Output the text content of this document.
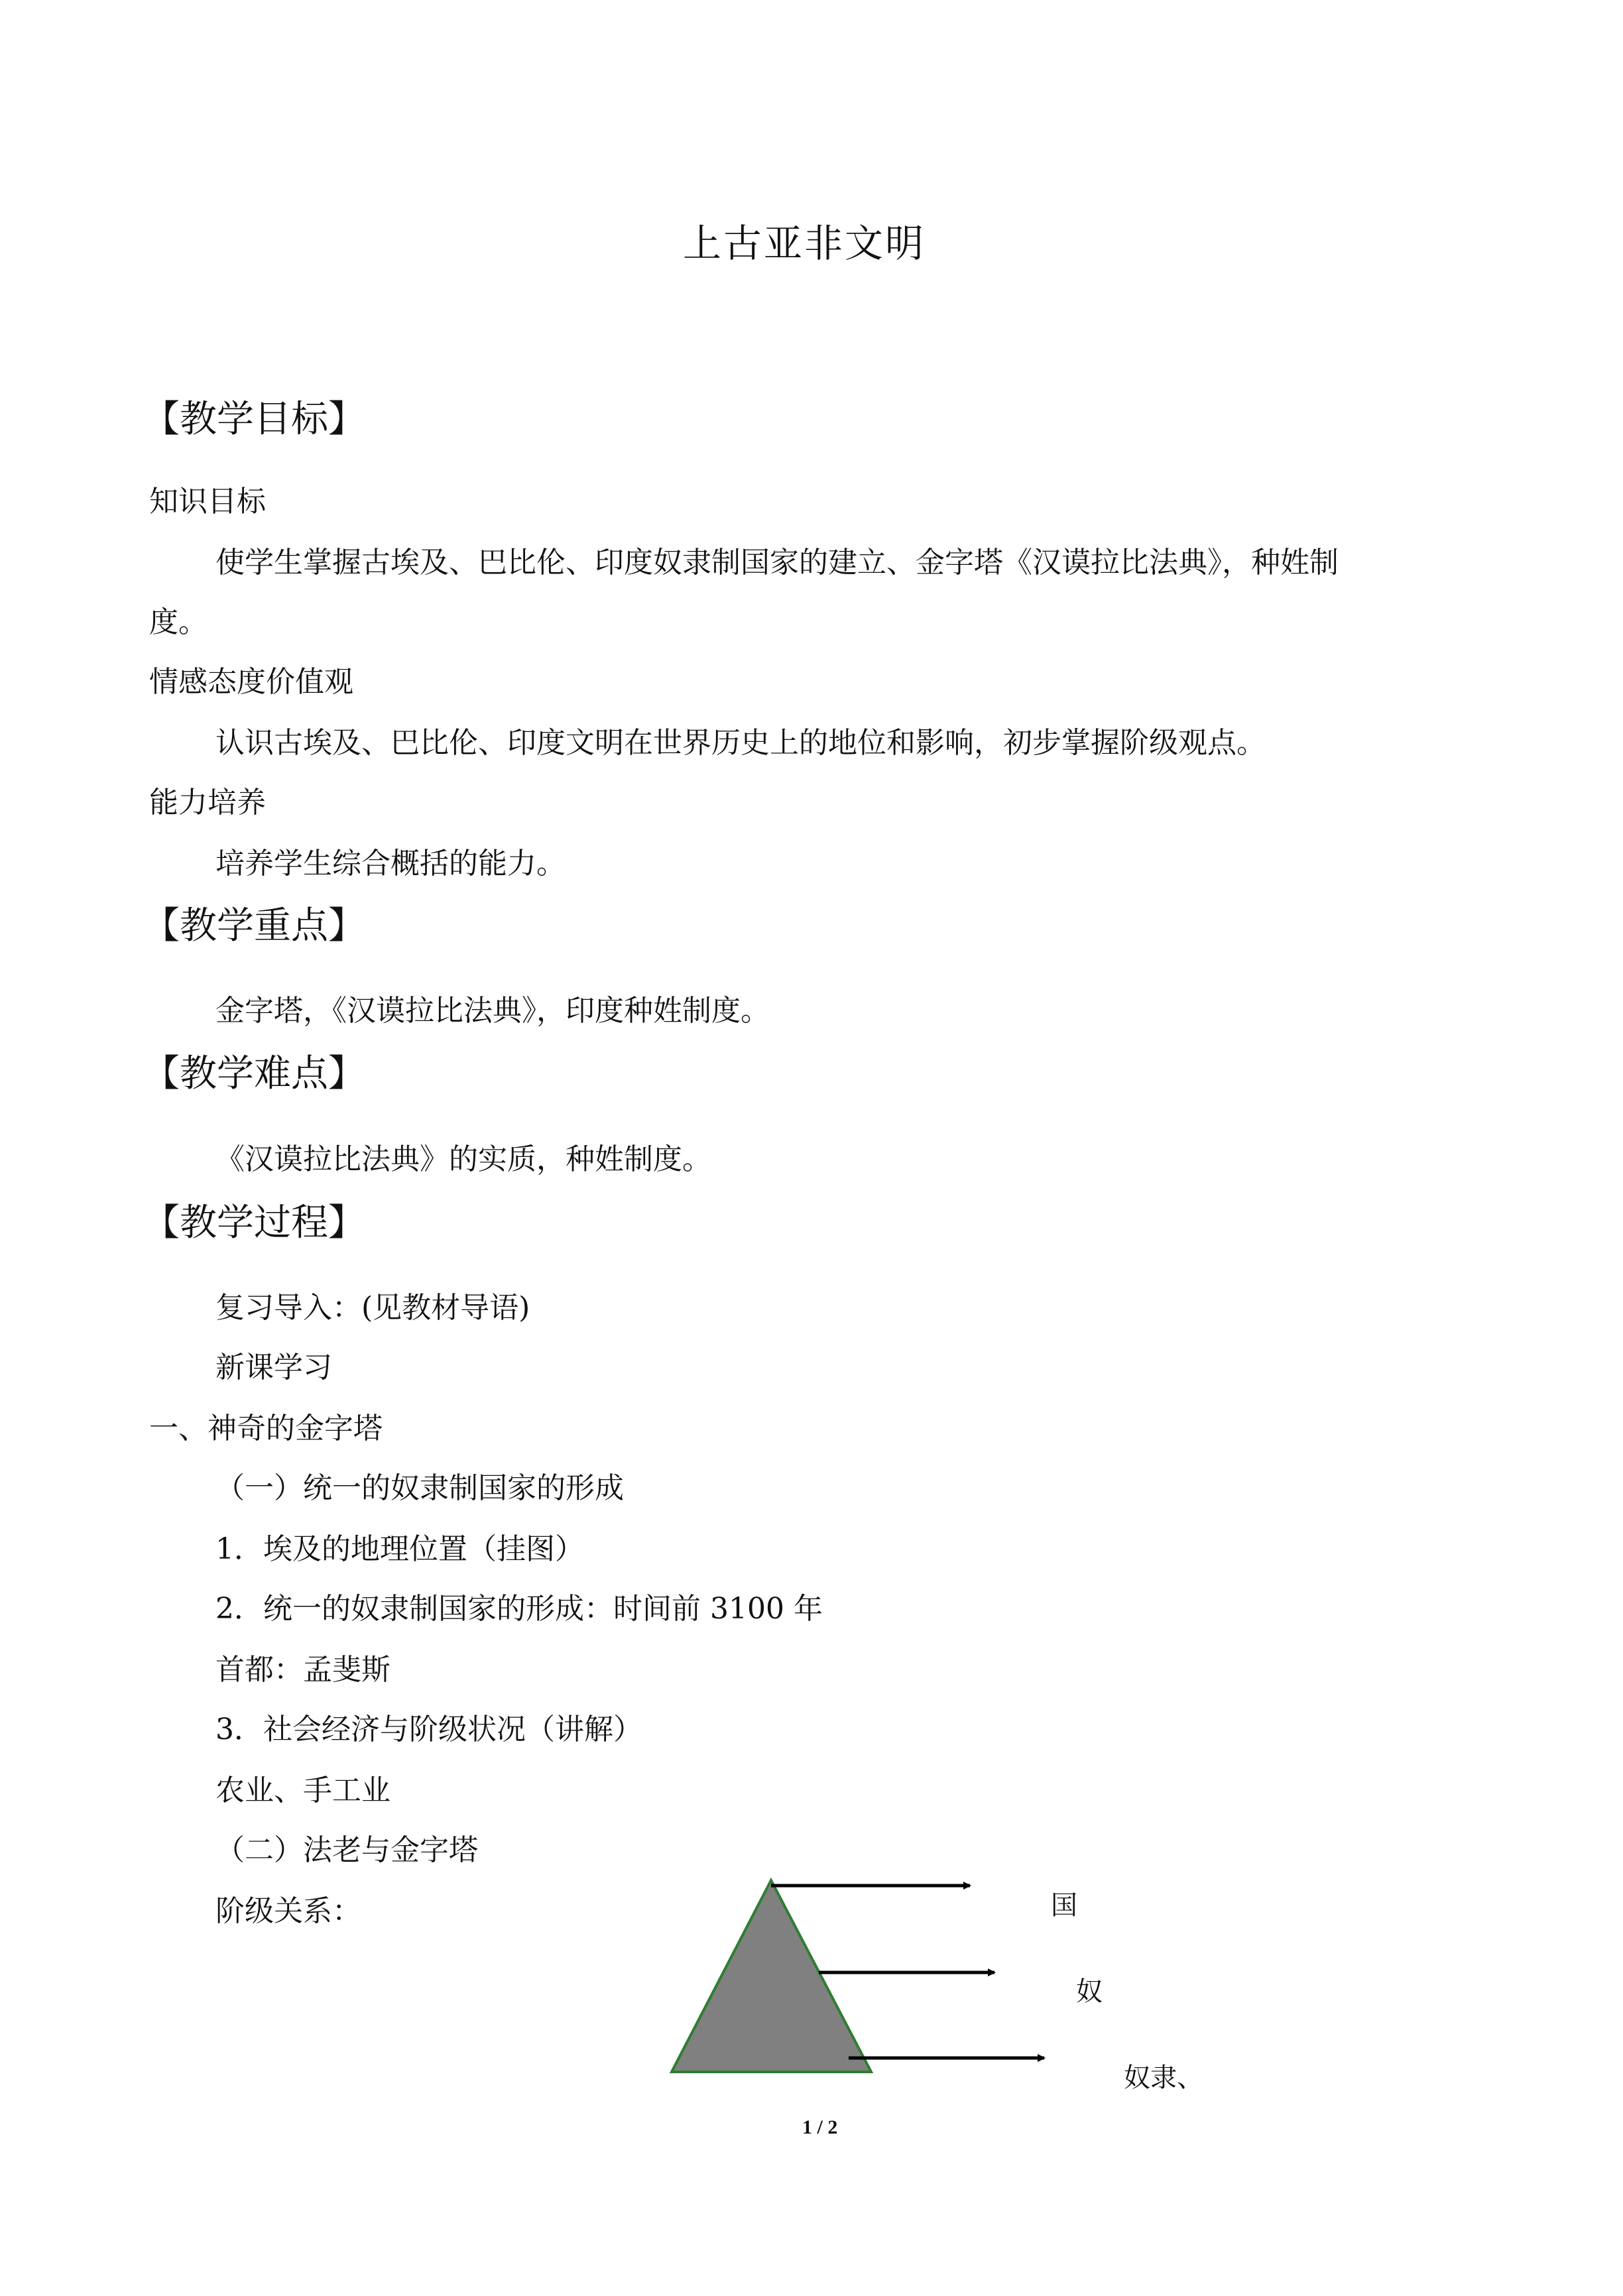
上古亚非文明
【教学目标】
知识目标
使学生掌握古埃及、巴比伦、印度奴隶制国家的建立、金字塔《汉谟拉比法典》，种姓制
度。
情感态度价值观
认识古埃及、巴比伦、印度文明在世界历史上的地位和影响，初步掌握阶级观点。
能力培养
培养学生综合概括的能力。
【教学重点】
金字塔，《汉谟拉比法典》，印度种姓制度。
【教学难点】
《汉谟拉比法典》的实质，种姓制度。
【教学过程】
复习导入：(见教材导语)
新课学习
一、神奇的金字塔
（一）统一的奴隶制国家的形成
1．埃及的地理位置（挂图）
2．统一的奴隶制国家的形成：时间前 3100 年
首都：孟斐斯
3．社会经济与阶级状况（讲解）
农业、手工业
（二）法老与金字塔
阶级关系：	国
奴
奴隶、
1 / 2
